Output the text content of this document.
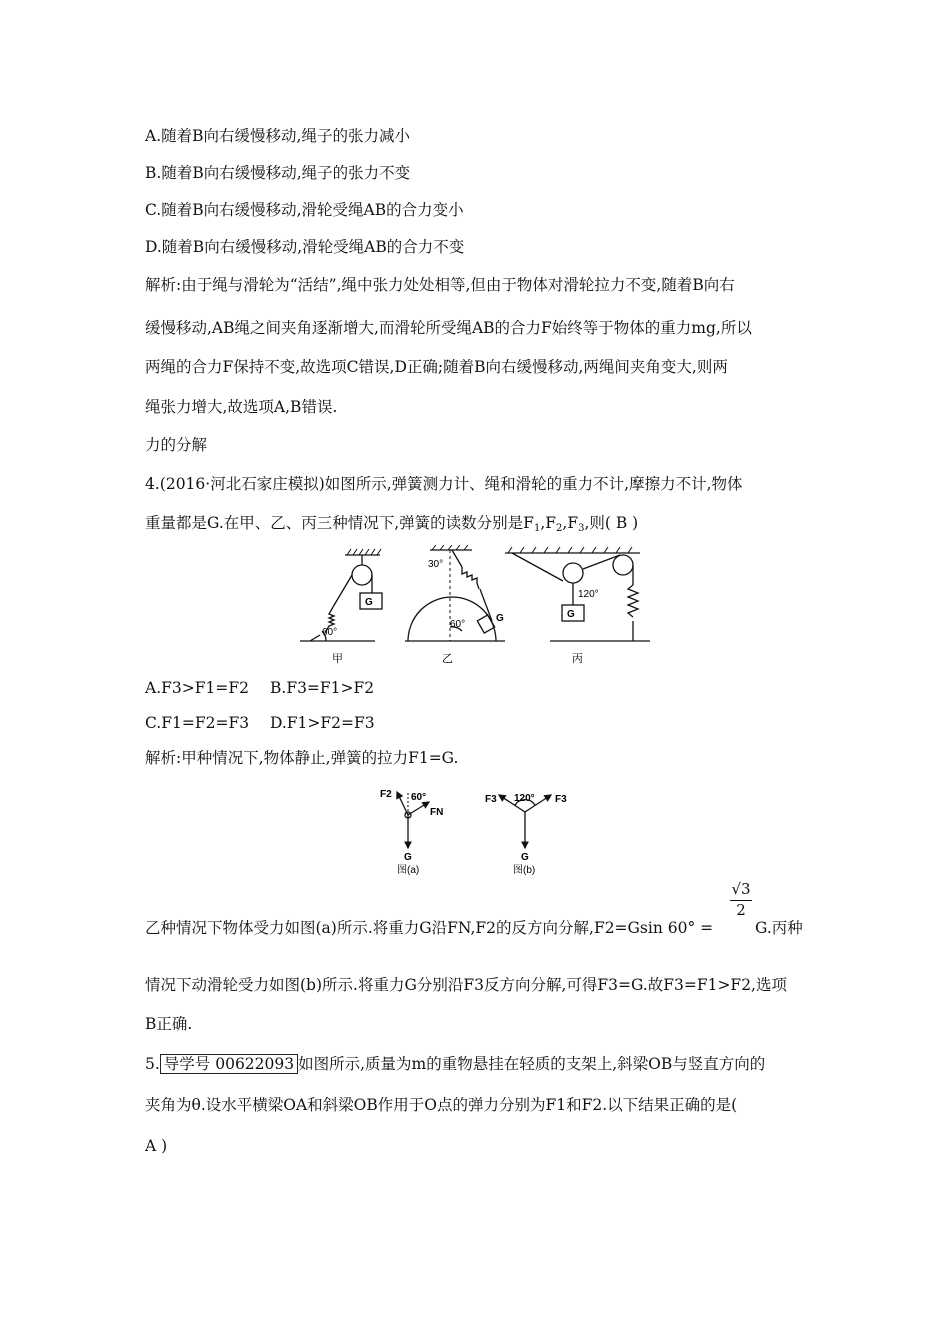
A.随着B向右缓慢移动,绳子的张力减小
B.随着B向右缓慢移动,绳子的张力不变
C.随着B向右缓慢移动,滑轮受绳AB的合力变小
D.随着B向右缓慢移动,滑轮受绳AB的合力不变
解析:由于绳与滑轮为“活结”,绳中张力处处相等,但由于物体对滑轮拉力不变,随着B向右
缓慢移动,AB绳之间夹角逐渐增大,而滑轮所受绳AB的合力F始终等于物体的重力mg,所以
两绳的合力F保持不变,故选项C错误,D正确;随着B向右缓慢移动,两绳间夹角变大,则两
绳张力增大,故选项A,B错误.
力的分解
4.(2016·河北石家庄模拟)如图所示,弹簧测力计、绳和滑轮的重力不计,摩擦力不计,物体
重量都是G.在甲、乙、丙三种情况下,弹簧的读数分别是$F_1,F_2,F_3$,则( B )
60°
G
甲
30°
60°
G
乙
120°
G
丙
A.F3>F1=F2 B.F3=F1>F2
C.F1=F2=F3 D.F1>F2=F3
解析:甲种情况下,物体静止,弹簧的拉力F1=G.
F2 60°
FN
G
图(a)
F3 120° F3
G
图(b)
√3
2
乙种情况下物体受力如图(a)所示.将重力G沿FN,F2的反方向分解,F2=Gsin 60° =	G.丙种
情况下动滑轮受力如图(b)所示.将重力G分别沿F3反方向分解,可得F3=G.故F3=F1>F2,选项
B正确.
5. 导学号 00622093 如图所示,质量为m的重物悬挂在轻质的支架上,斜梁OB与竖直方向的
夹角为θ.设水平横梁OA和斜梁OB作用于O点的弹力分别为F1和F2.以下结果正确的是(
A )
